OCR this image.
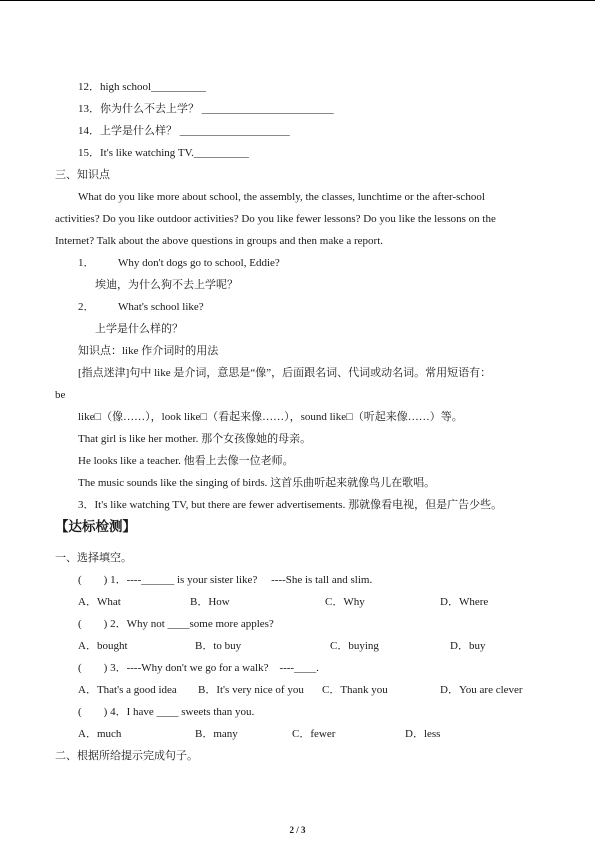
12．high school__________
13．你为什么不去上学？ ________________________
14．上学是什么样？ ____________________
15．It's like watching TV.__________
三、知识点
What do you like more about school, the assembly, the classes, lunchtime or the after-school
activities? Do you like outdoor activities? Do you like fewer lessons? Do you like the lessons on the
Internet? Talk about the above questions in groups and then make a report.
1． Why don't dogs go to school, Eddie?
埃迪，为什么狗不去上学呢？
2． What's school like?
上学是什么样的？
知识点：like 作介词时的用法
[指点迷津]句中 like 是介词，意思是“像”，后面跟名词、代词或动名词。常用短语有：
be
like□（像……），look like□（看起来像……），sound like□（听起来像……）等。
That girl is like her mother. 那个女孩像她的母亲。
He looks like a teacher. 他看上去像一位老师。
The music sounds like the singing of birds. 这首乐曲听起来就像鸟儿在歌唱。
3．It's like watching TV, but there are fewer advertisements. 那就像看电视，但是广告少些。
【达标检测】
一、选择填空。
(　　) 1．----______ is your sister like?　 ----She is tall and slim.
A．What	B．How	C．Why	D．Where
(　　) 2．Why not ____some more apples?
A．bought	B．to buy	C．buying	D．buy
(　　) 3．----Why don't we go for a walk?　----____.
A．That's a good idea B．It's very nice of you C．Thank you	D．You are clever
(　　) 4．I have ____ sweets than you.
A．much	B．many	C．fewer	D．less
二、根据所给提示完成句子。
2 / 3
